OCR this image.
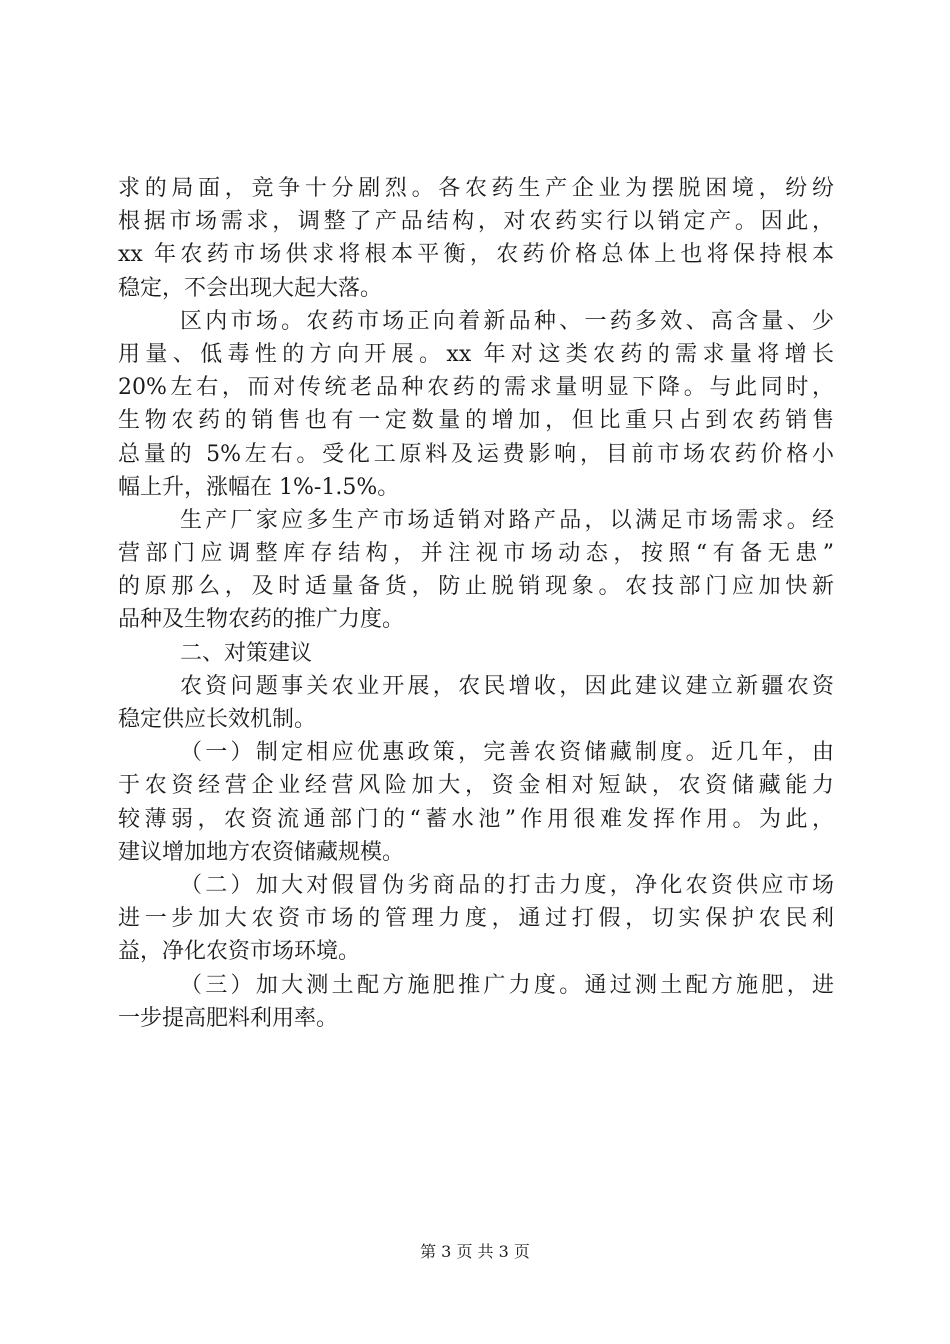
求的局面，竞争十分剧烈。各农药生产企业为摆脱困境，纷纷
根据市场需求，调整了产品结构，对农药实行以销定产。因此，
xx 年农药市场供求将根本平衡，农药价格总体上也将保持根本
稳定，不会出现大起大落。
区内市场。农药市场正向着新品种、一药多效、高含量、少
用量、低毒性的方向开展。xx 年对这类农药的需求量将增长
20%左右，而对传统老品种农药的需求量明显下降。与此同时，
生物农药的销售也有一定数量的增加，但比重只占到农药销售
总量的 5%左右。受化工原料及运费影响，目前市场农药价格小
幅上升，涨幅在 1%-1.5%。
生产厂家应多生产市场适销对路产品，以满足市场需求。经
营部门应调整库存结构，并注视市场动态，按照“有备无患”
的原那么，及时适量备货，防止脱销现象。农技部门应加快新
品种及生物农药的推广力度。
二、对策建议
农资问题事关农业开展，农民增收，因此建议建立新疆农资
稳定供应长效机制。
（一）制定相应优惠政策，完善农资储藏制度。近几年，由
于农资经营企业经营风险加大，资金相对短缺，农资储藏能力
较薄弱，农资流通部门的“蓄水池”作用很难发挥作用。为此，
建议增加地方农资储藏规模。
（二）加大对假冒伪劣商品的打击力度，净化农资供应市场
进一步加大农资市场的管理力度，通过打假，切实保护农民利
益，净化农资市场环境。
（三）加大测土配方施肥推广力度。通过测土配方施肥，进
一步提高肥料利用率。
第 3 页 共 3 页
